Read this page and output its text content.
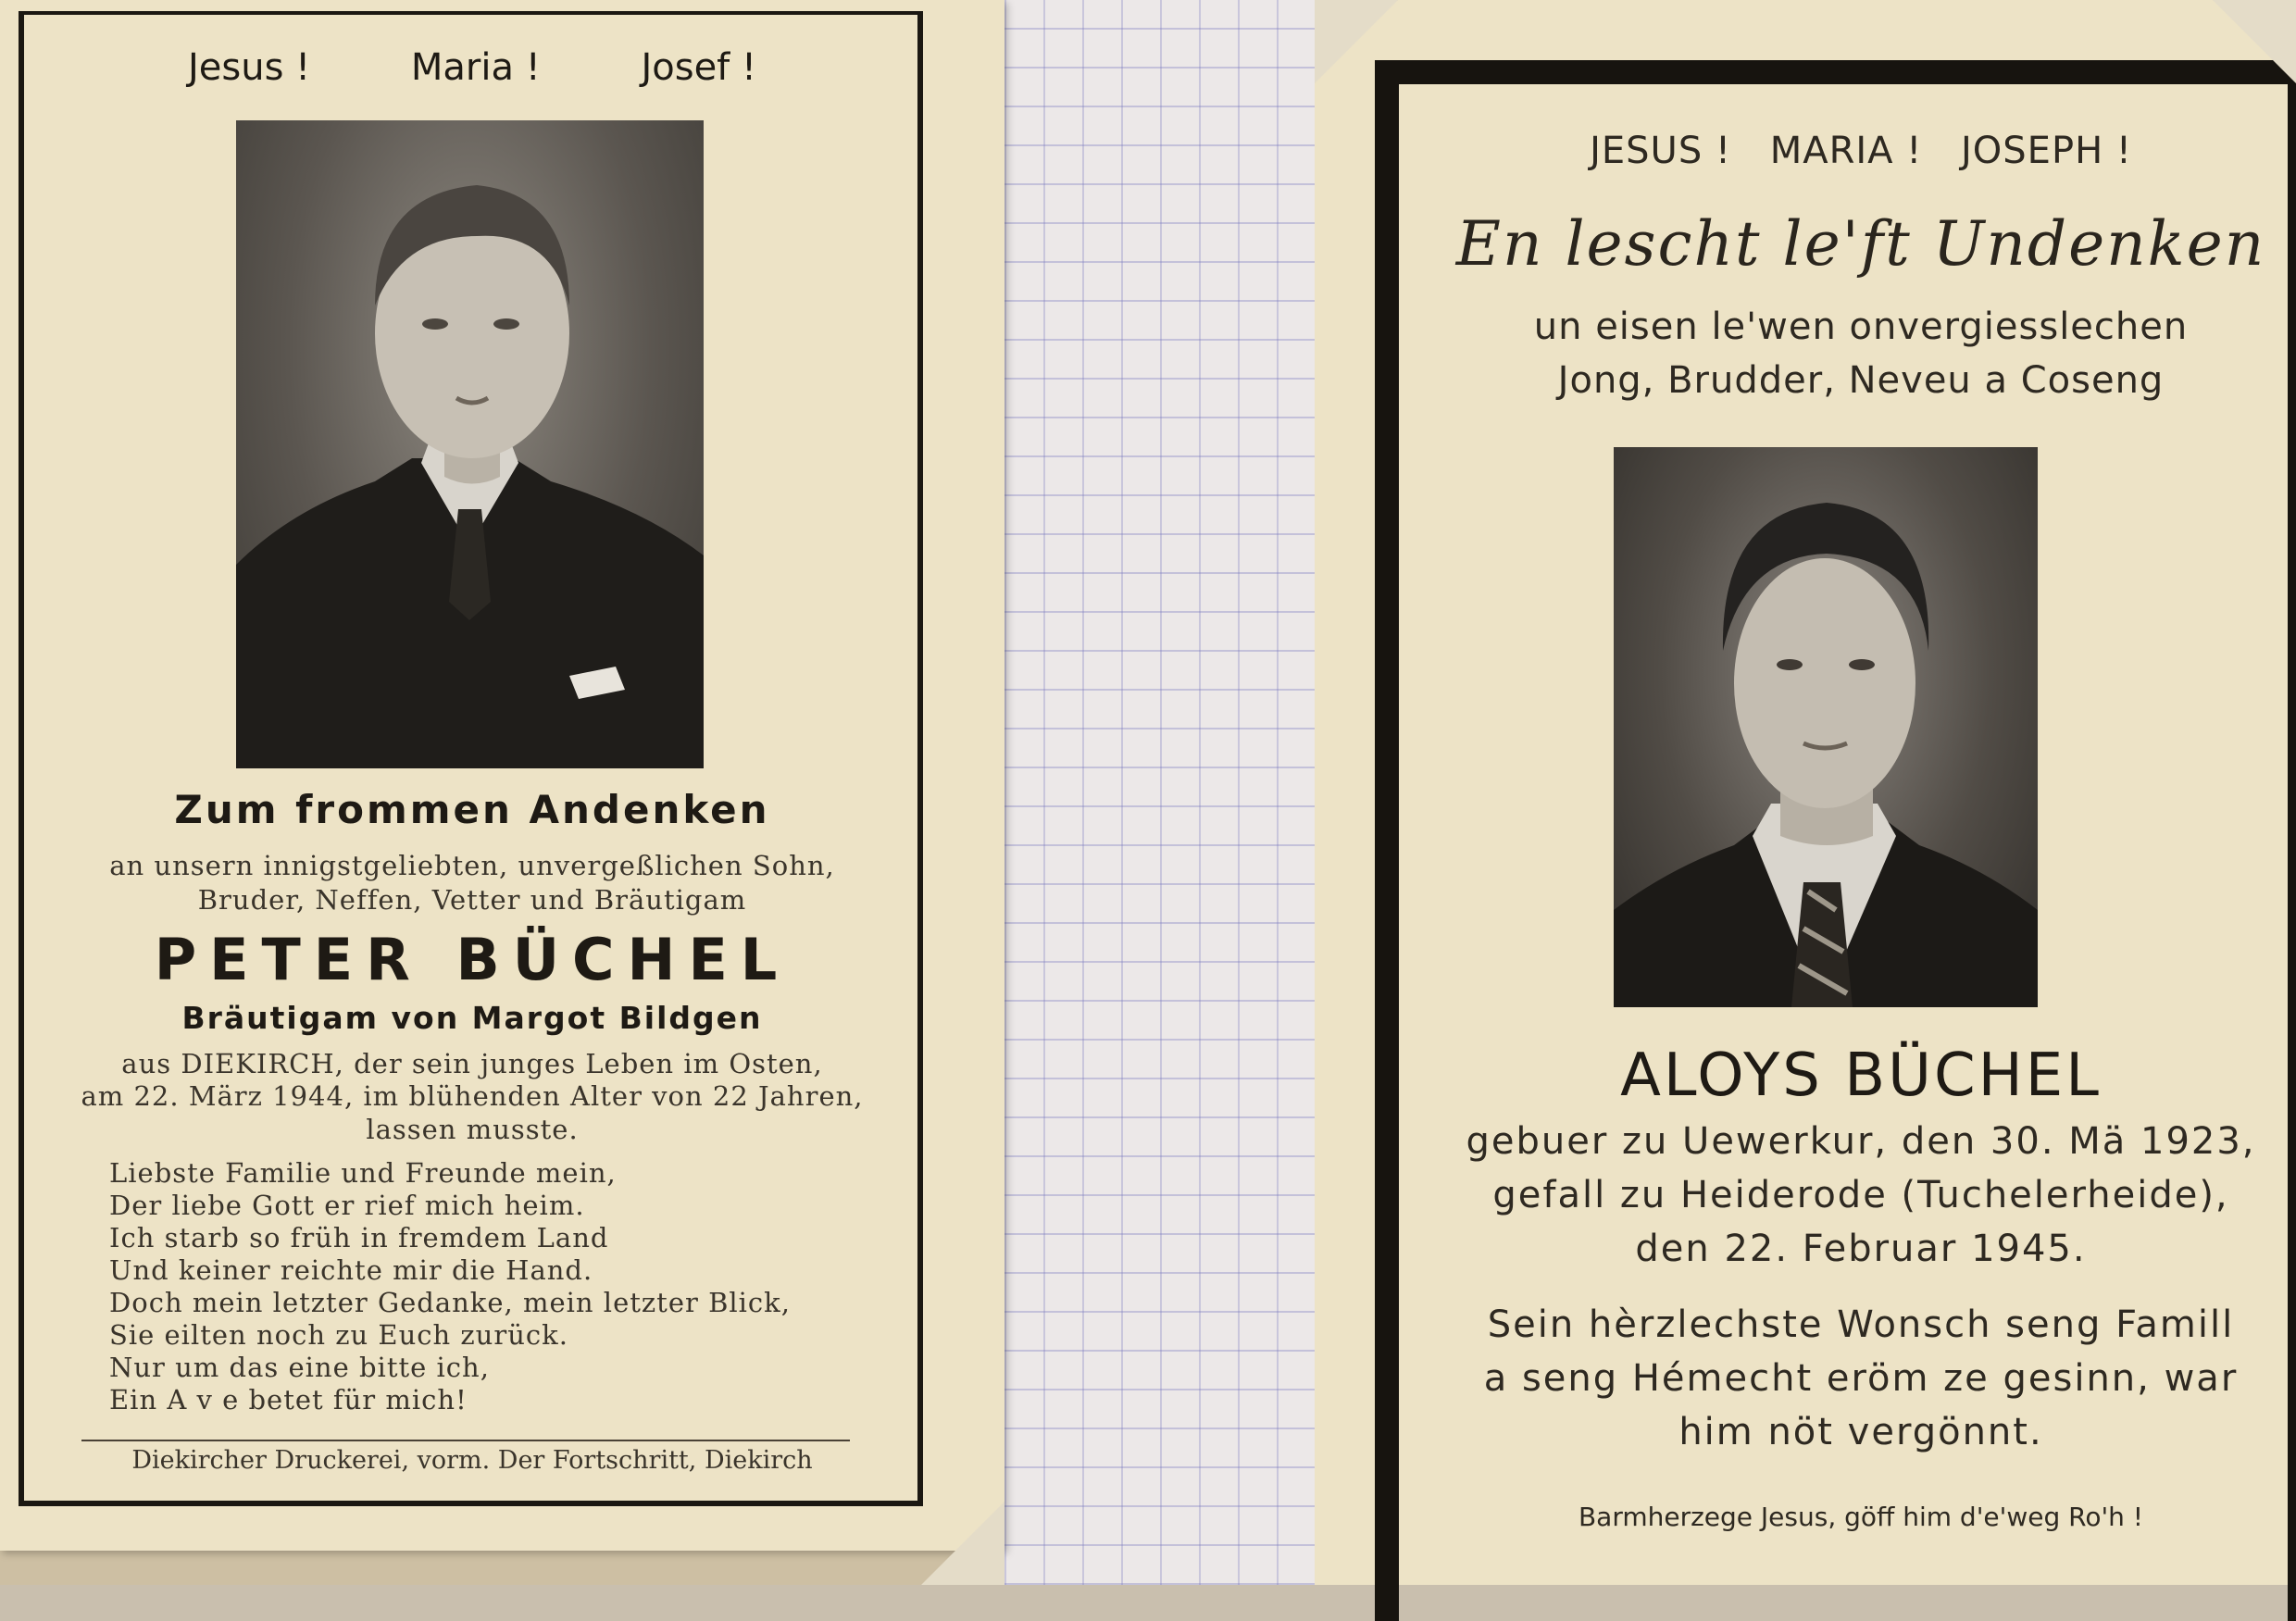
Jesus !	Maria !	Josef !
Zum frommen Andenken
an unsern innigstgeliebten, unvergeßlichen Sohn,
Bruder, Neffen, Vetter und Bräutigam
PETER BÜCHEL
Bräutigam von Margot Bildgen
aus DIEKIRCH, der sein junges Leben im Osten,
am 22. März 1944, im blühenden Alter von 22 Jahren,
lassen musste.
Liebste Familie und Freunde mein,
Der liebe Gott er rief mich heim.
Ich starb so früh in fremdem Land
Und keiner reichte mir die Hand.
Doch mein letzter Gedanke, mein letzter Blick,
Sie eilten noch zu Euch zurück.
Nur um das eine bitte ich,
Ein A v e betet für mich!
Diekircher Druckerei, vorm. Der Fortschritt, Diekirch
JESUS ! MARIA ! JOSEPH !
En lescht le'ft Undenken
un eisen le'wen onvergiesslechen
Jong, Brudder, Neveu a Coseng
ALOYS BÜCHEL
gebuer zu Uewerkur, den 30. Mä 1923,
gefall zu Heiderode (Tuchelerheide),
den 22. Februar 1945.
Sein hèrzlechste Wonsch seng Famill
a seng Hémecht eröm ze gesinn, war
him nöt vergönnt.
Barmherzege Jesus, göff him d'e'weg Ro'h !
